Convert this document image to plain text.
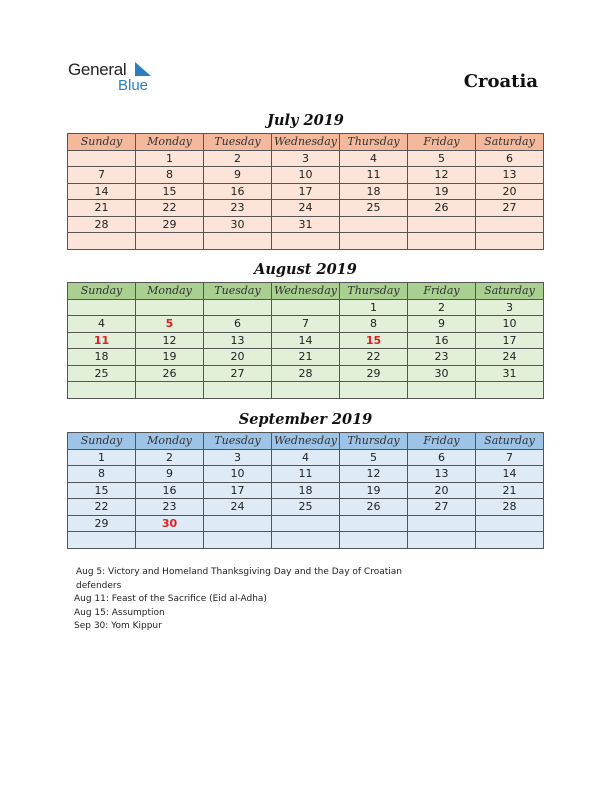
General
Blue	Croatia
July 2019
Sunday	Monday	Tuesday	Wednesday	Thursday	Friday	Saturday
	1	2	3	4	5	6
7	8	9	10	11	12	13
14	15	16	17	18	19	20
21	22	23	24	25	26	27
28	29	30	31			

August 2019
Sunday	Monday	Tuesday	Wednesday	Thursday	Friday	Saturday
				1	2	3
4	5	6	7	8	9	10
11	12	13	14	15	16	17
18	19	20	21	22	23	24
25	26	27	28	29	30	31

September 2019
Sunday	Monday	Tuesday	Wednesday	Thursday	Friday	Saturday
1	2	3	4	5	6	7
8	9	10	11	12	13	14
15	16	17	18	19	20	21
22	23	24	25	26	27	28
29	30					

Aug 5: Victory and Homeland Thanksgiving Day and the Day of Croatian defenders

Aug 11: Feast of the Sacrifice (Eid al-Adha)

Aug 15: Assumption

Sep 30: Yom Kippur
